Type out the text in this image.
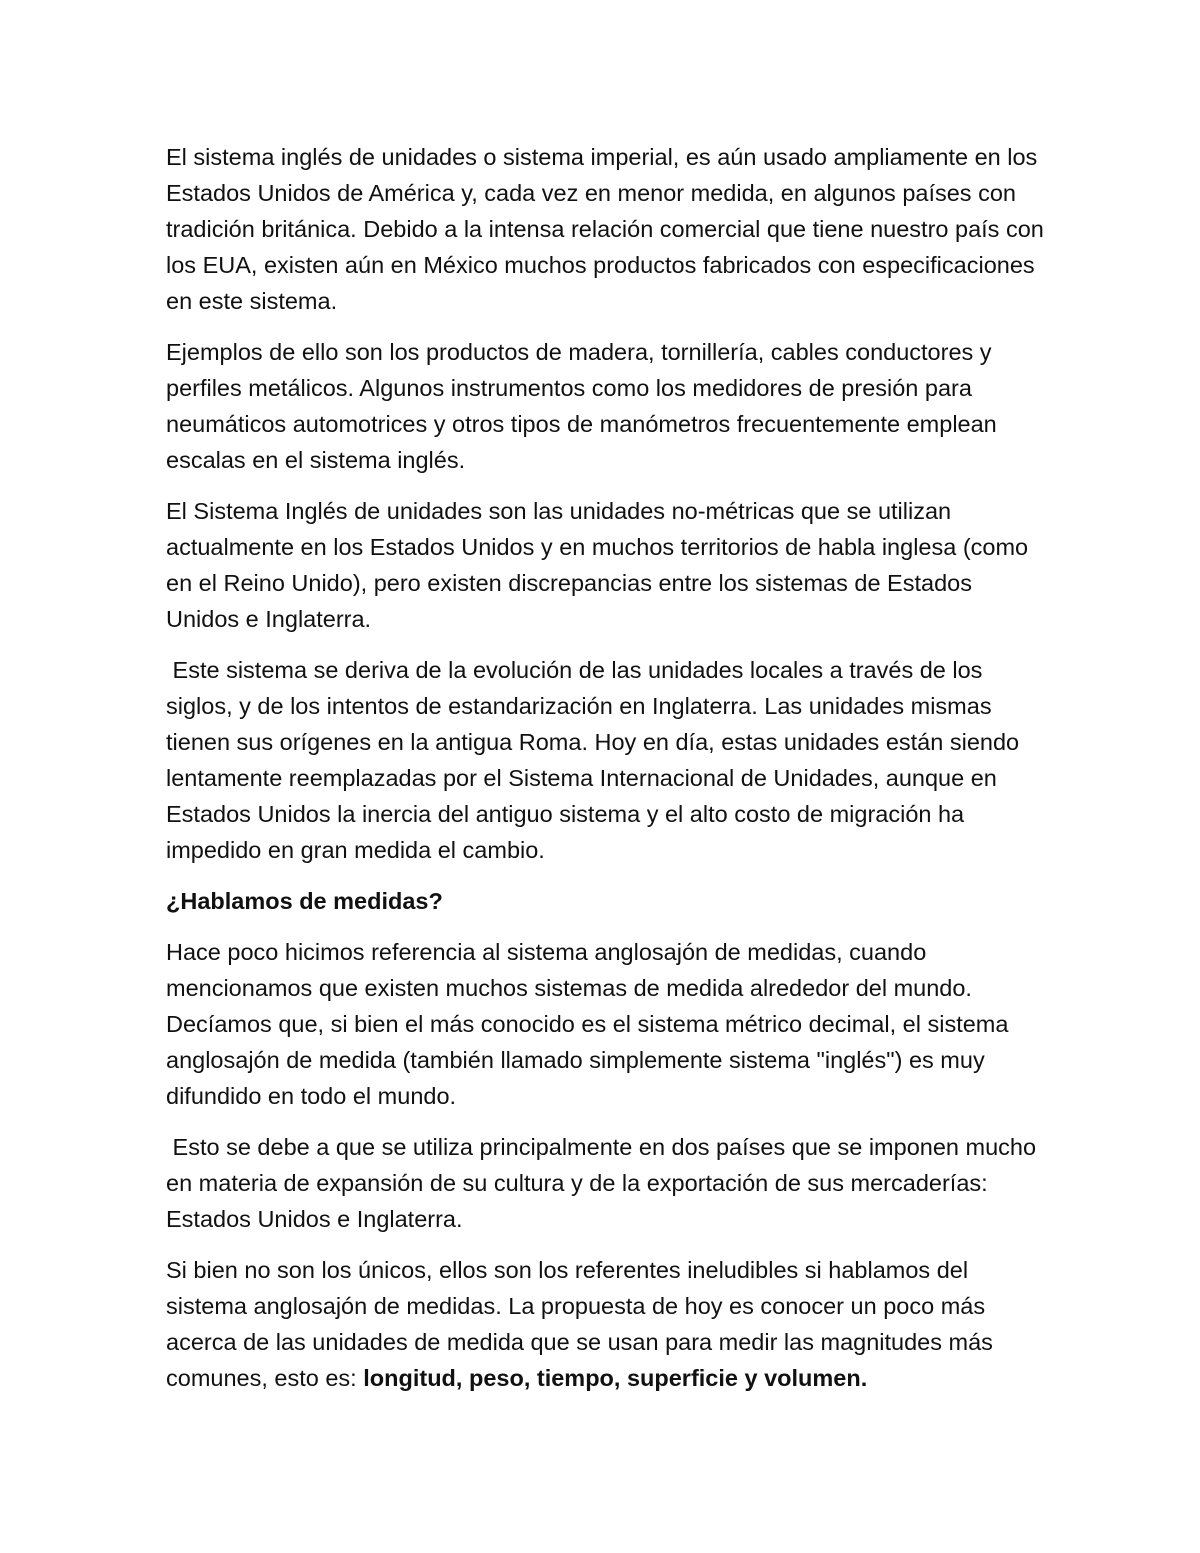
El sistema inglés de unidades o sistema imperial, es aún usado ampliamente en los Estados Unidos de América y, cada vez en menor medida, en algunos países con tradición británica. Debido a la intensa relación comercial que tiene nuestro país con los EUA, existen aún en México muchos productos fabricados con especificaciones en este sistema.

Ejemplos de ello son los productos de madera, tornillería, cables conductores y perfiles metálicos. Algunos instrumentos como los medidores de presión para neumáticos automotrices y otros tipos de manómetros frecuentemente emplean escalas en el sistema inglés.

El Sistema Inglés de unidades son las unidades no-métricas que se utilizan actualmente en los Estados Unidos y en muchos territorios de habla inglesa (como en el Reino Unido), pero existen discrepancias entre los sistemas de Estados Unidos e Inglaterra.

Este sistema se deriva de la evolución de las unidades locales a través de los siglos, y de los intentos de estandarización en Inglaterra. Las unidades mismas tienen sus orígenes en la antigua Roma. Hoy en día, estas unidades están siendo lentamente reemplazadas por el Sistema Internacional de Unidades, aunque en Estados Unidos la inercia del antiguo sistema y el alto costo de migración ha impedido en gran medida el cambio.

¿Hablamos de medidas?

Hace poco hicimos referencia al sistema anglosajón de medidas, cuando mencionamos que existen muchos sistemas de medida alrededor del mundo. Decíamos que, si bien el más conocido es el sistema métrico decimal, el sistema anglosajón de medida (también llamado simplemente sistema "inglés") es muy difundido en todo el mundo.

Esto se debe a que se utiliza principalmente en dos países que se imponen mucho en materia de expansión de su cultura y de la exportación de sus mercaderías: Estados Unidos e Inglaterra.

Si bien no son los únicos, ellos son los referentes ineludibles si hablamos del sistema anglosajón de medidas. La propuesta de hoy es conocer un poco más acerca de las unidades de medida que se usan para medir las magnitudes más comunes, esto es: longitud, peso, tiempo, superficie y volumen.
